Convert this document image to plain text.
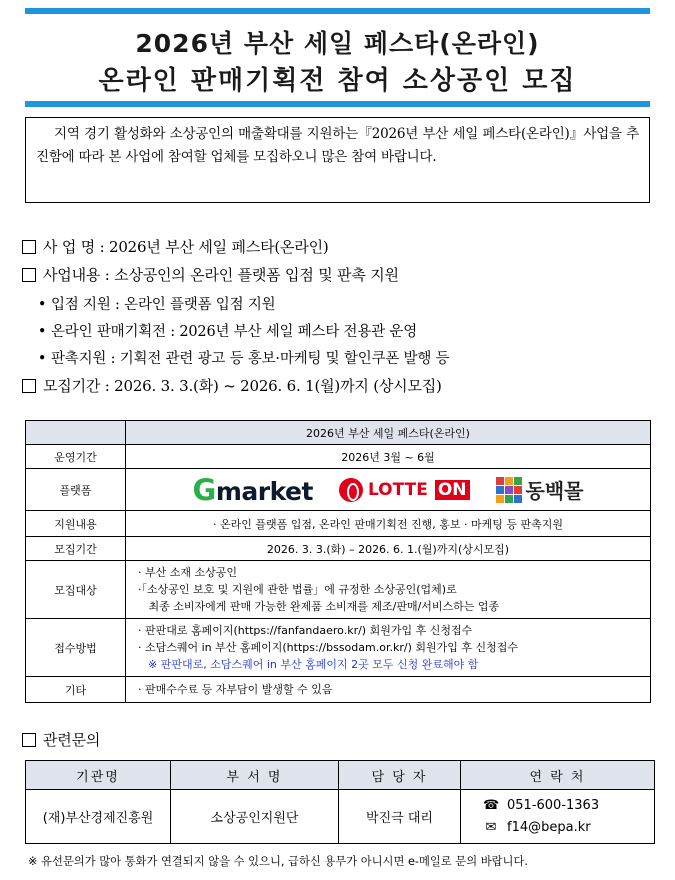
2026년 부산 세일 페스타(온라인)
온라인 판매기획전 참여 소상공인 모집
지역 경기 활성화와 소상공인의 매출확대를 지원하는『2026년 부산 세일 페스타(온라인)』사업을 추진함에 따라 본 사업에 참여할 업체를 모집하오니 많은 참여 바랍니다.
사 업 명 : 2026년 부산 세일 페스타(온라인)
사업내용 : 소상공인의 온라인 플랫폼 입점 및 판촉 지원
• 입점 지원 : 온라인 플랫폼 입점 지원
• 온라인 판매기획전 : 2026년 부산 세일 페스타 전용관 운영
• 판촉지원 : 기획전 관련 광고 등 홍보·마케팅 및 할인쿠폰 발행 등
모집기간 : 2026. 3. 3.(화) ~ 2026. 6. 1(월)까지 (상시모집)
	2026년 부산 세일 페스타(온라인)
운영기간	2026년 3월 ~ 6월
플랫폼	Gmarket LOTTE ON 동백몰

지원내용	· 온라인 플랫폼 입점, 온라인 판매기획전 진행, 홍보 · 마케팅 등 판촉지원
모집기간	2026. 3. 3.(화) – 2026. 6. 1.(월)까지(상시모집)
모집대상	· 부산 소재 소상공인
·「소상공인 보호 및 지원에 관한 법률」에 규정한 소상공인(업체)로
최종 소비자에게 판매 가능한 완제품 소비재를 제조/판매/서비스하는 업종

접수방법	· 판판대로 홈페이지(https://fanfandaero.kr/) 회원가입 후 신청접수
· 소담스퀘어 in 부산 홈페이지(https://bssodam.or.kr/) 회원가입 후 신청접수
※ 판판대로, 소담스퀘어 in 부산 홈페이지 2곳 모두 신청 완료해야 함

기타	· 판매수수료 등 자부담이 발생할 수 있음
관련문의
기관명	부 서 명	담 당 자	연 락 처
(재)부산경제진흥원	소상공인지원단	박진극 대리	☎ 051-600-1363
✉ f14@bepa.kr
※ 유선문의가 많아 통화가 연결되지 않을 수 있으니, 급하신 용무가 아니시면 e-메일로 문의 바랍니다.
